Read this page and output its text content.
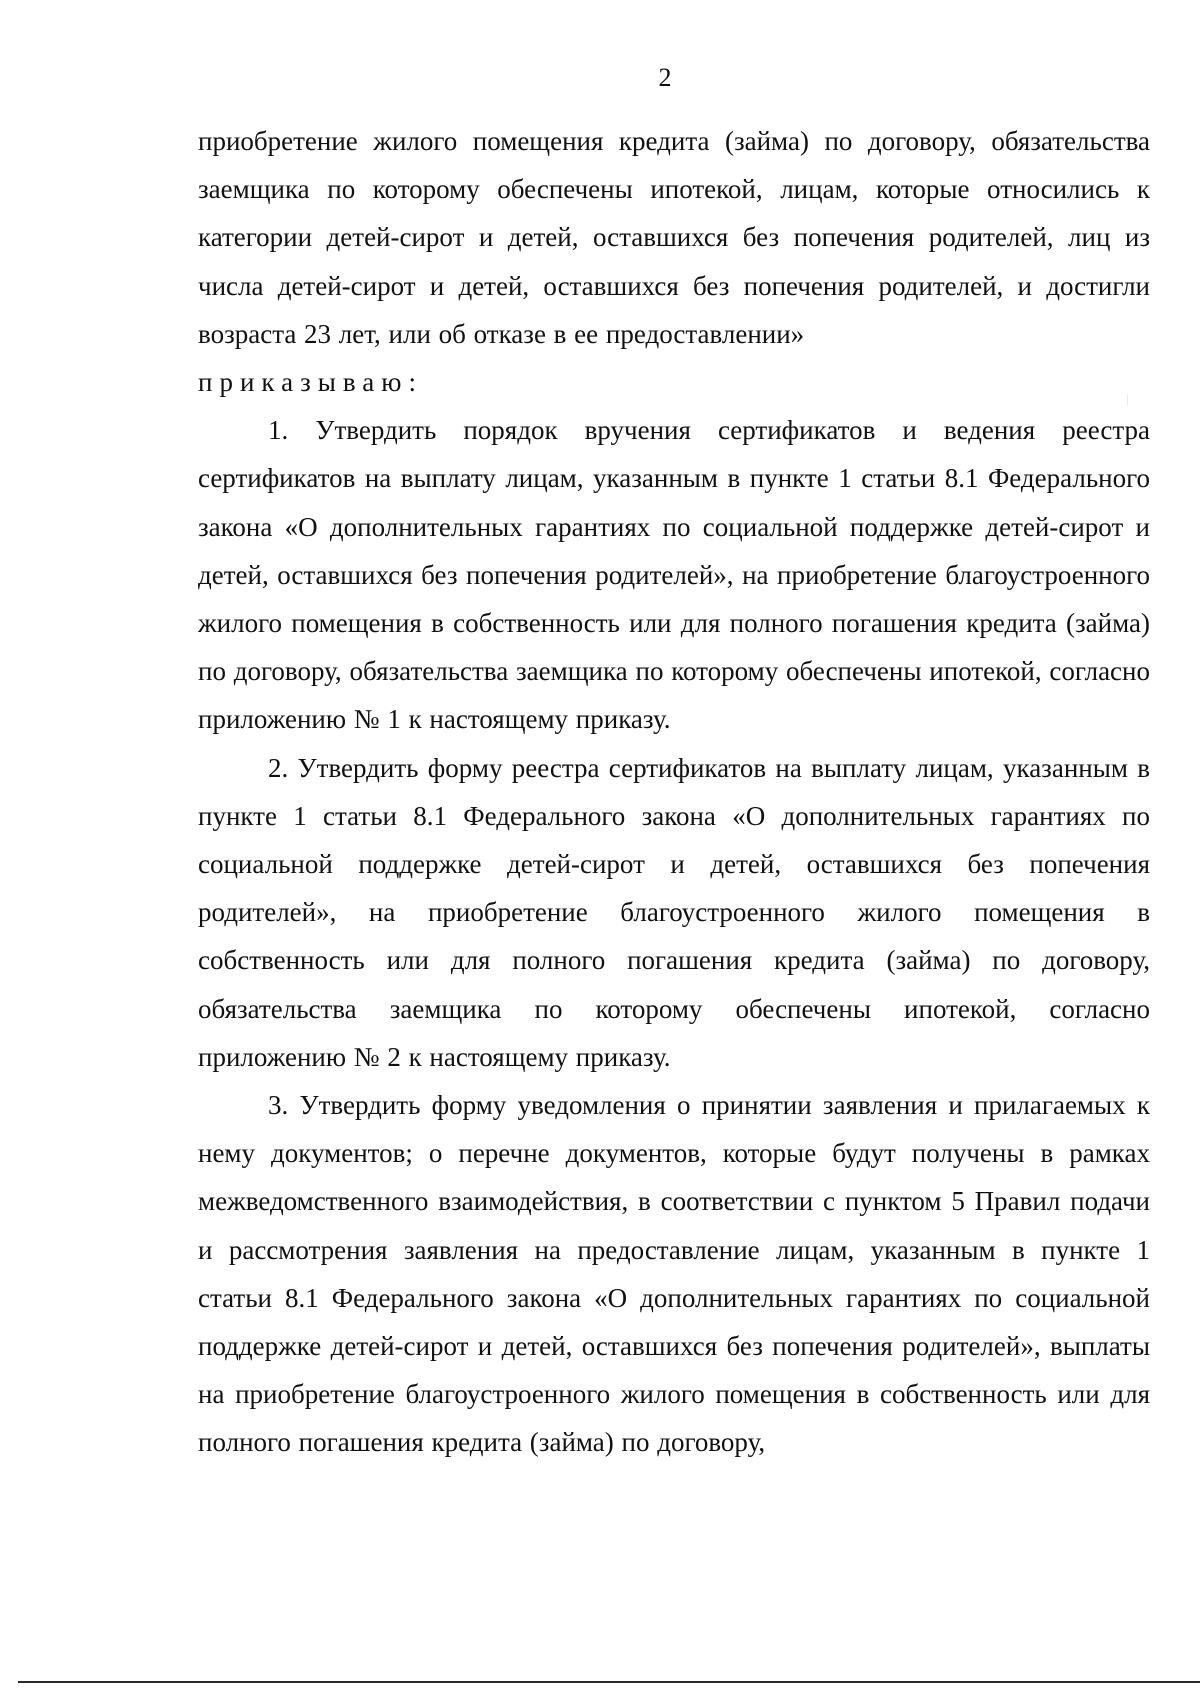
2

приобретение жилого помещения кредита (займа) по договору, обязательства заемщика по которому обеспечены ипотекой, лицам, которые относились к категории детей-сирот и детей, оставшихся без попечения родителей, лиц из числа детей-сирот и детей, оставшихся без попечения родителей, и достигли возраста 23 лет, или об отказе в ее предоставлении»

приказываю:

1. Утвердить порядок вручения сертификатов и ведения реестра сертификатов на выплату лицам, указанным в пункте 1 статьи 8.1 Федерального закона «О дополнительных гарантиях по социальной поддержке детей-сирот и детей, оставшихся без попечения родителей», на приобретение благоустроенного жилого помещения в собственность или для полного погашения кредита (займа) по договору, обязательства заемщика по которому обеспечены ипотекой, согласно приложению № 1 к настоящему приказу.

2. Утвердить форму реестра сертификатов на выплату лицам, указанным в пункте 1 статьи 8.1 Федерального закона «О дополнительных гарантиях по социальной поддержке детей-сирот и детей, оставшихся без попечения родителей», на приобретение благоустроенного жилого помещения в собственность или для полного погашения кредита (займа) по договору, обязательства заемщика по которому обеспечены ипотекой, согласно приложению № 2 к настоящему приказу.

3. Утвердить форму уведомления о принятии заявления и прилагаемых к нему документов; о перечне документов, которые будут получены в рамках межведомственного взаимодействия, в соответствии с пунктом 5 Правил подачи и рассмотрения заявления на предоставление лицам, указанным в пункте 1 статьи 8.1 Федерального закона «О дополнительных гарантиях по социальной поддержке детей-сирот и детей, оставшихся без попечения родителей», выплаты на приобретение благоустроенного жилого помещения в собственность или для полного погашения кредита (займа) по договору,
